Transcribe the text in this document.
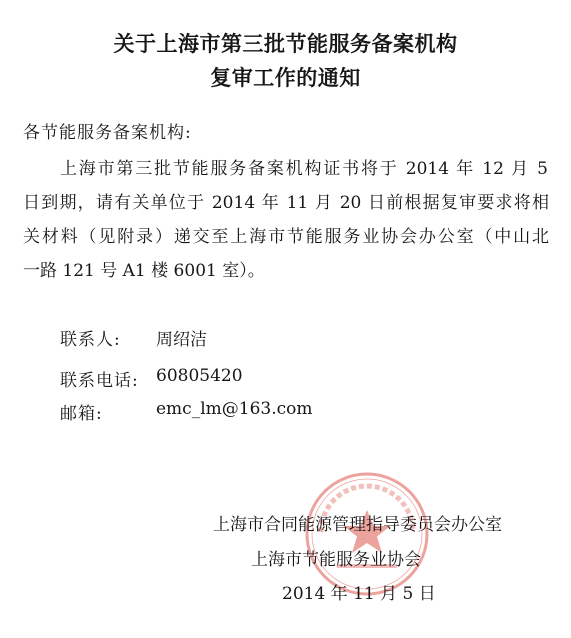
关于上海市第三批节能服务备案机构
复审工作的通知
各节能服务备案机构:
上海市第三批节能服务备案机构证书将于 2014 年 12 月 5
日到期，请有关单位于 2014 年 11 月 20 日前根据复审要求将相
关材料（见附录）递交至上海市节能服务业协会办公室（中山北
一路 121 号 A1 楼 6001 室）。
联系人: 周绍洁
联系电话: 60805420
邮箱:	emc_lm@163.com
上海市合同能源管理指导委员会办公室
上海市节能服务业协会
2014 年 11 月 5 日
